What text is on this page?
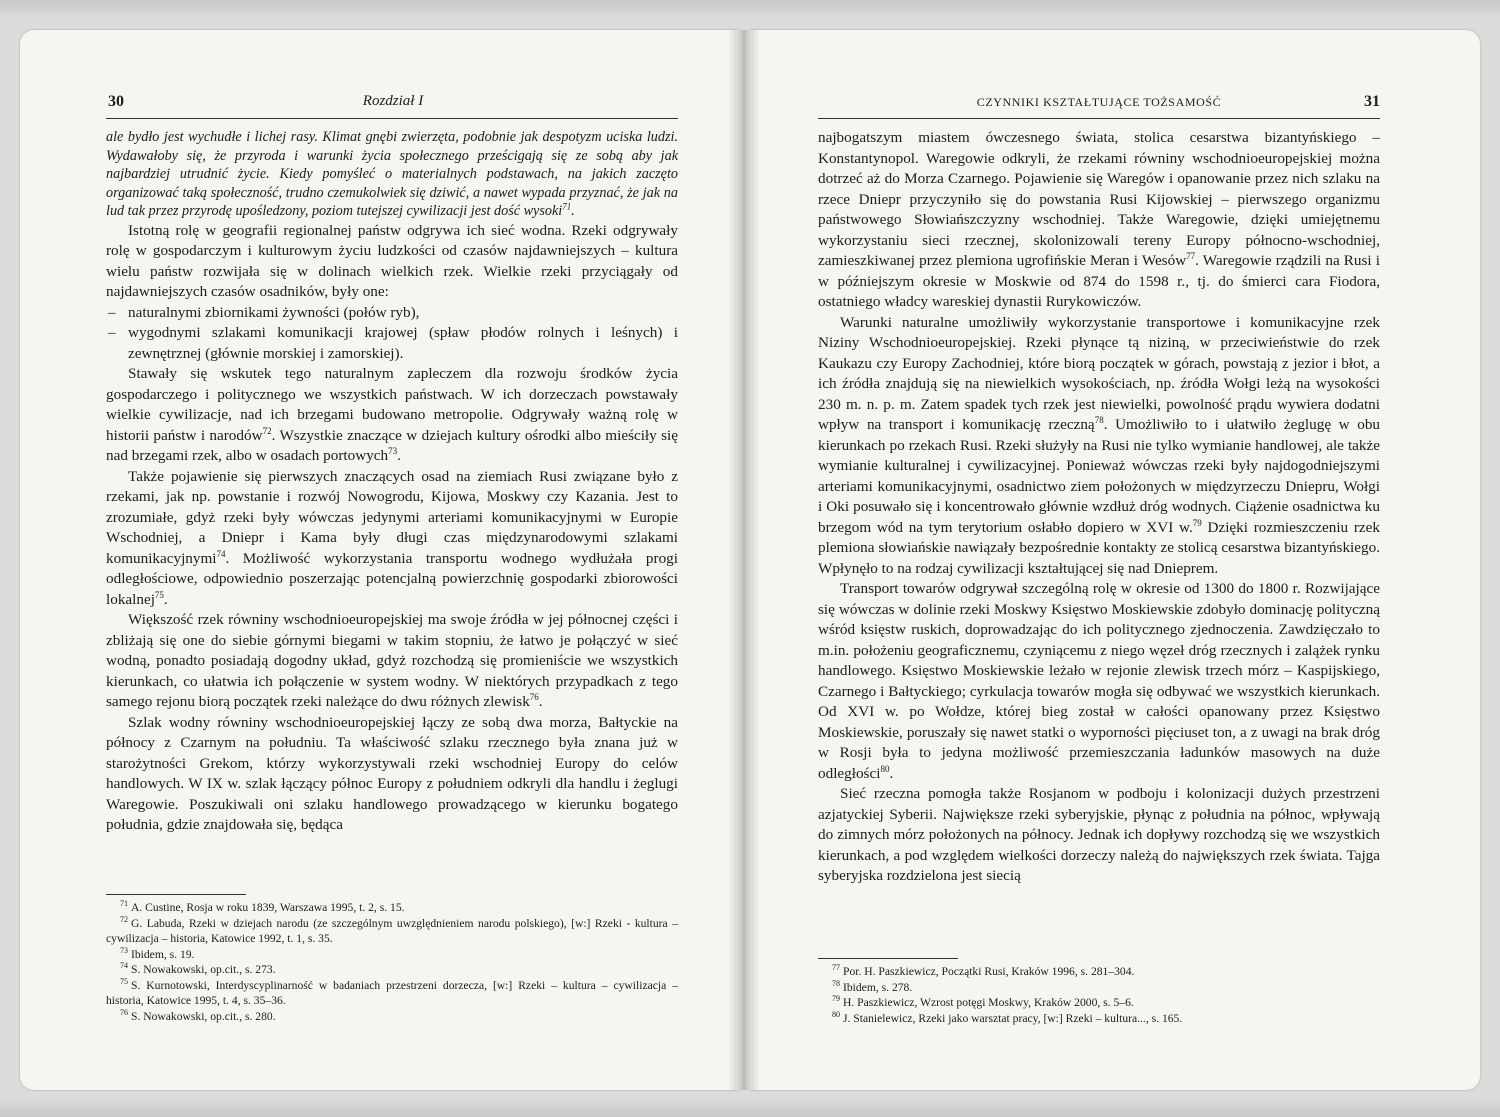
30	Rozdział I	CZYNNIKI KSZTAŁTUJĄCE TOŻSAMOŚĆ	31

ale bydło jest wychudłe i lichej rasy. Klimat gnębi zwierzęta, podobnie jak despotyzm uciska ludzi. Wydawałoby się, że przyroda i warunki życia społecznego prześcigają się ze sobą aby jak najbardziej utrudnić życie. Kiedy pomyśleć o materialnych podstawach, na jakich zaczęto organizować taką społeczność, trudno czemukolwiek się dziwić, a nawet wypada przyznać, że jak na lud tak przez przyrodę upośledzony, poziom tutejszej cywilizacji jest dość wysoki$^{71}$.

Istotną rolę w geografii regionalnej państw odgrywa ich sieć wodna. Rzeki odgrywały rolę w gospodarczym i kulturowym życiu ludzkości od czasów najdawniejszych – kultura wielu państw rozwijała się w dolinach wielkich rzek. Wielkie rzeki przyciągały od najdawniejszych czasów osadników, były one:

– naturalnymi zbiornikami żywności (połów ryb),
– wygodnymi szlakami komunikacji krajowej (spław płodów rolnych i leśnych) i zewnętrznej (głównie morskiej i zamorskiej).

Stawały się wskutek tego naturalnym zapleczem dla rozwoju środków życia gospodarczego i politycznego we wszystkich państwach. W ich dorzeczach powstawały wielkie cywilizacje, nad ich brzegami budowano metropolie. Odgrywały ważną rolę w historii państw i narodów$^{72}$. Wszystkie znaczące w dziejach kultury ośrodki albo mieściły się nad brzegami rzek, albo w osadach portowych$^{73}$.

Także pojawienie się pierwszych znaczących osad na ziemiach Rusi związane było z rzekami, jak np. powstanie i rozwój Nowogrodu, Kijowa, Moskwy czy Kazania. Jest to zrozumiałe, gdyż rzeki były wówczas jedynymi arteriami komunikacyjnymi w Europie Wschodniej, a Dniepr i Kama były długi czas międzynarodowymi szlakami komunikacyjnymi$^{74}$. Możliwość wykorzystania transportu wodnego wydłużała progi odległościowe, odpowiednio poszerzając potencjalną powierzchnię gospodarki zbiorowości lokalnej$^{75}$.

Większość rzek równiny wschodnioeuropejskiej ma swoje źródła w jej północnej części i zbliżają się one do siebie górnymi biegami w takim stopniu, że łatwo je połączyć w sieć wodną, ponadto posiadają dogodny układ, gdyż rozchodzą się promieniście we wszystkich kierunkach, co ułatwia ich połączenie w system wodny. W niektórych przypadkach z tego samego rejonu biorą początek rzeki należące do dwu różnych zlewisk$^{76}$.

Szlak wodny równiny wschodnioeuropejskiej łączy ze sobą dwa morza, Bałtyckie na północy z Czarnym na południu. Ta właściwość szlaku rzecznego była znana już w starożytności Grekom, którzy wykorzystywali rzeki wschodniej Europy do celów handlowych. W IX w. szlak łączący północ Europy z południem odkryli dla handlu i żeglugi Waregowie. Poszukiwali oni szlaku handlowego prowadzącego w kierunku bogatego południa, gdzie znajdowała się, będąca

$^{71}$ A. Custine, Rosja w roku 1839, Warszawa 1995, t. 2, s. 15.

$^{72}$ G. Labuda, Rzeki w dziejach narodu (ze szczególnym uwzględnieniem narodu polskiego), [w:] Rzeki - kultura – cywilizacja – historia, Katowice 1992, t. 1, s. 35.

$^{73}$ Ibidem, s. 19.

$^{74}$ S. Nowakowski, op.cit., s. 273.

$^{75}$ S. Kurnotowski, Interdyscyplinarność w badaniach przestrzeni dorzecza, [w:] Rzeki – kultura – cywilizacja – historia, Katowice 1995, t. 4, s. 35–36.

$^{76}$ S. Nowakowski, op.cit., s. 280.

najbogatszym miastem ówczesnego świata, stolica cesarstwa bizantyńskiego – Konstantynopol. Waregowie odkryli, że rzekami równiny wschodnioeuropejskiej można dotrzeć aż do Morza Czarnego. Pojawienie się Waregów i opanowanie przez nich szlaku na rzece Dniepr przyczyniło się do powstania Rusi Kijowskiej – pierwszego organizmu państwowego Słowiańszczyzny wschodniej. Także Waregowie, dzięki umiejętnemu wykorzystaniu sieci rzecznej, skolonizowali tereny Europy północno-wschodniej, zamieszkiwanej przez plemiona ugrofińskie Meran i Wesów$^{77}$. Waregowie rządzili na Rusi i w późniejszym okresie w Moskwie od 874 do 1598 r., tj. do śmierci cara Fiodora, ostatniego władcy wareskiej dynastii Rurykowiczów.

Warunki naturalne umożliwiły wykorzystanie transportowe i komunikacyjne rzek Niziny Wschodnioeuropejskiej. Rzeki płynące tą niziną, w przeciwieństwie do rzek Kaukazu czy Europy Zachodniej, które biorą początek w górach, powstają z jezior i błot, a ich źródła znajdują się na niewielkich wysokościach, np. źródła Wołgi leżą na wysokości 230 m. n. p. m. Zatem spadek tych rzek jest niewielki, powolność prądu wywiera dodatni wpływ na transport i komunikację rzeczną$^{78}$. Umożliwiło to i ułatwiło żeglugę w obu kierunkach po rzekach Rusi. Rzeki służyły na Rusi nie tylko wymianie handlowej, ale także wymianie kulturalnej i cywilizacyjnej. Ponieważ wówczas rzeki były najdogodniejszymi arteriami komunikacyjnymi, osadnictwo ziem położonych w międzyrzeczu Dniepru, Wołgi i Oki posuwało się i koncentrowało głównie wzdłuż dróg wodnych. Ciążenie osadnictwa ku brzegom wód na tym terytorium osłabło dopiero w XVI w.$^{79}$ Dzięki rozmieszczeniu rzek plemiona słowiańskie nawiązały bezpośrednie kontakty ze stolicą cesarstwa bizantyńskiego. Wpłynęło to na rodzaj cywilizacji kształtującej się nad Dnieprem.

Transport towarów odgrywał szczególną rolę w okresie od 1300 do 1800 r. Rozwijające się wówczas w dolinie rzeki Moskwy Księstwo Moskiewskie zdobyło dominację polityczną wśród księstw ruskich, doprowadzając do ich politycznego zjednoczenia. Zawdzięczało to m.in. położeniu geograficznemu, czyniącemu z niego węzeł dróg rzecznych i zalążek rynku handlowego. Księstwo Moskiewskie leżało w rejonie zlewisk trzech mórz – Kaspijskiego, Czarnego i Bałtyckiego; cyrkulacja towarów mogła się odbywać we wszystkich kierunkach. Od XVI w. po Wołdze, której bieg został w całości opanowany przez Księstwo Moskiewskie, poruszały się nawet statki o wyporności pięciuset ton, a z uwagi na brak dróg w Rosji była to jedyna możliwość przemieszczania ładunków masowych na duże odległości$^{80}$.

Sieć rzeczna pomogła także Rosjanom w podboju i kolonizacji dużych przestrzeni azjatyckiej Syberii. Największe rzeki syberyjskie, płynąc z południa na północ, wpływają do zimnych mórz położonych na północy. Jednak ich dopływy rozchodzą się we wszystkich kierunkach, a pod względem wielkości dorzeczy należą do największych rzek świata. Tajga syberyjska rozdzielona jest siecią

$^{77}$ Por. H. Paszkiewicz, Początki Rusi, Kraków 1996, s. 281–304.

$^{78}$ Ibidem, s. 278.

$^{79}$ H. Paszkiewicz, Wzrost potęgi Moskwy, Kraków 2000, s. 5–6.

$^{80}$ J. Stanielewicz, Rzeki jako warsztat pracy, [w:] Rzeki – kultura..., s. 165.
